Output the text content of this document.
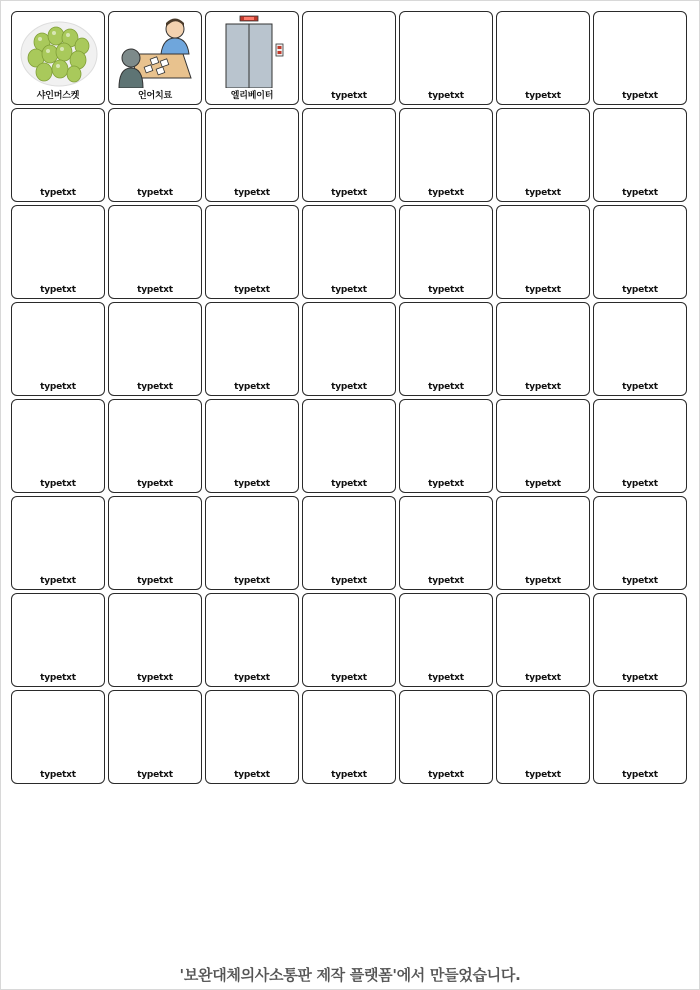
샤인머스켓	언어치료	엘리베이터	typetxt	typetxt	typetxt	typetxt
typetxt	typetxt	typetxt	typetxt	typetxt	typetxt	typetxt
typetxt	typetxt	typetxt	typetxt	typetxt	typetxt	typetxt
typetxt	typetxt	typetxt	typetxt	typetxt	typetxt	typetxt
typetxt	typetxt	typetxt	typetxt	typetxt	typetxt	typetxt
typetxt	typetxt	typetxt	typetxt	typetxt	typetxt	typetxt
typetxt	typetxt	typetxt	typetxt	typetxt	typetxt	typetxt
typetxt	typetxt	typetxt	typetxt	typetxt	typetxt	typetxt
'보완대체의사소통판 제작 플랫폼'에서 만들었습니다.
